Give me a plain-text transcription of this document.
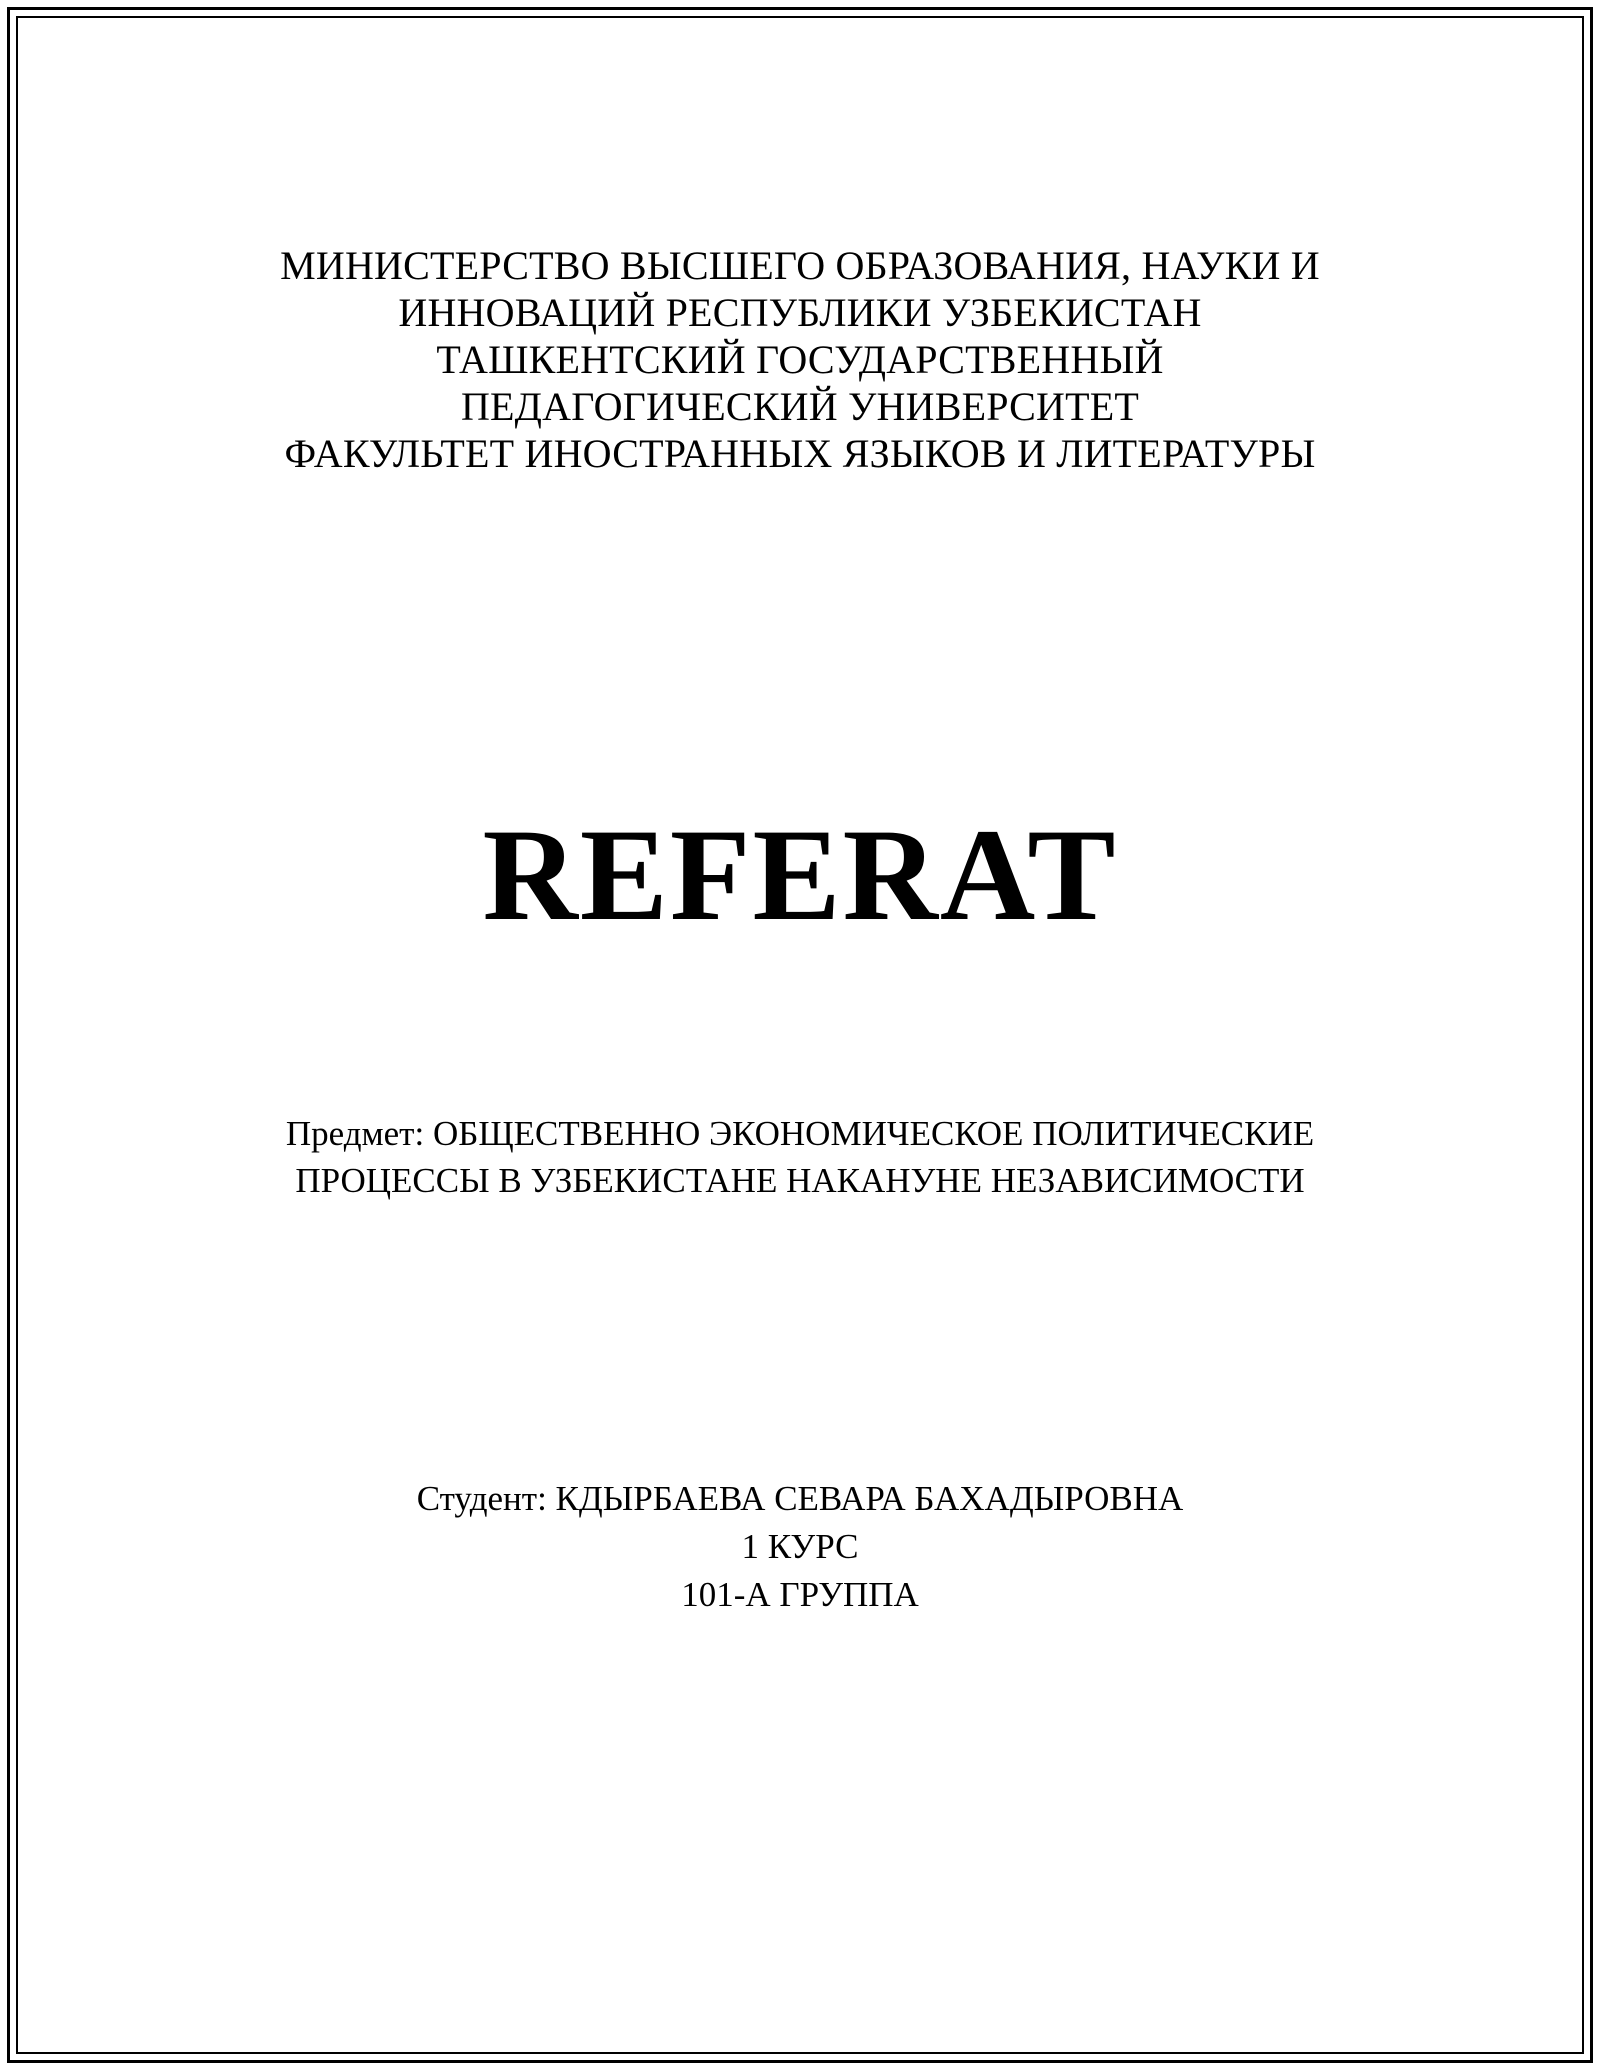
МИНИСТЕРСТВО ВЫСШЕГО ОБРАЗОВАНИЯ, НАУКИ И
ИННОВАЦИЙ РЕСПУБЛИКИ УЗБЕКИСТАН
ТАШКЕНТСКИЙ ГОСУДАРСТВЕННЫЙ
ПЕДАГОГИЧЕСКИЙ УНИВЕРСИТЕТ
ФАКУЛЬТЕТ ИНОСТРАННЫХ ЯЗЫКОВ И ЛИТЕРАТУРЫ
REFERAT
Предмет: ОБЩЕСТВЕННО ЭКОНОМИЧЕСКОЕ ПОЛИТИЧЕСКИЕ
ПРОЦЕССЫ В УЗБЕКИСТАНЕ НАКАНУНЕ НЕЗАВИСИМОСТИ
Студент: КДЫРБАЕВА СЕВАРА БАХАДЫРОВНА
1 КУРС
101-А ГРУППА
